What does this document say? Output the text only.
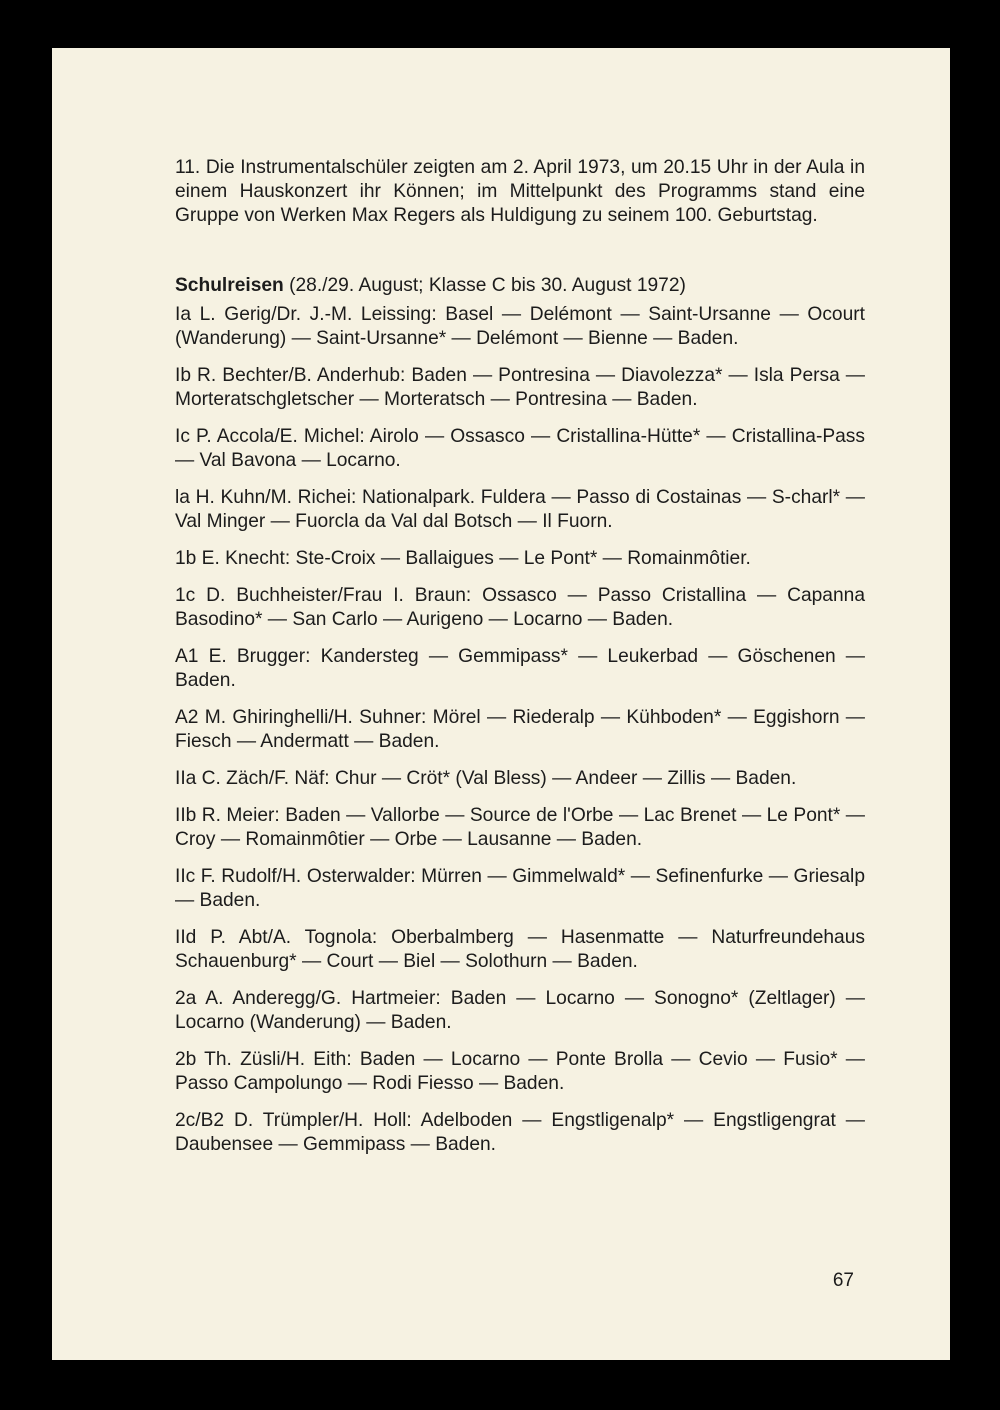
11. Die Instrumentalschüler zeigten am 2. April 1973, um 20.15 Uhr in der Aula in einem Hauskonzert ihr Können; im Mittelpunkt des Programms stand eine Gruppe von Werken Max Regers als Huldigung zu seinem 100. Geburtstag.

Schulreisen (28./29. August; Klasse C bis 30. August 1972)

Ia L. Gerig/Dr. J.-M. Leissing: Basel — Delémont — Saint-Ursanne — Ocourt (Wanderung) — Saint-Ursanne* — Delémont — Bienne — Baden.

Ib R. Bechter/B. Anderhub: Baden — Pontresina — Diavolezza* — Isla Persa — Morteratschgletscher — Morteratsch — Pontresina — Baden.

Ic P. Accola/E. Michel: Airolo — Ossasco — Cristallina-Hütte* — Cristallina-Pass — Val Bavona — Locarno.

la H. Kuhn/M. Richei: Nationalpark. Fuldera — Passo di Costainas — S-charl* — Val Minger — Fuorcla da Val dal Botsch — Il Fuorn.

1b E. Knecht: Ste-Croix — Ballaigues — Le Pont* — Romainmôtier.

1c D. Buchheister/Frau I. Braun: Ossasco — Passo Cristallina — Capanna Basodino* — San Carlo — Aurigeno — Locarno — Baden.

A1 E. Brugger: Kandersteg — Gemmipass* — Leukerbad — Göschenen — Baden.

A2 M. Ghiringhelli/H. Suhner: Mörel — Riederalp — Kühboden* — Eggishorn — Fiesch — Andermatt — Baden.

IIa C. Zäch/F. Näf: Chur — Cröt* (Val Bless) — Andeer — Zillis — Baden.

IIb R. Meier: Baden — Vallorbe — Source de l'Orbe — Lac Brenet — Le Pont* — Croy — Romainmôtier — Orbe — Lausanne — Baden.

IIc F. Rudolf/H. Osterwalder: Mürren — Gimmelwald* — Sefinenfurke — Griesalp — Baden.

IId P. Abt/A. Tognola: Oberbalmberg — Hasenmatte — Naturfreundehaus Schauenburg* — Court — Biel — Solothurn — Baden.

2a A. Anderegg/G. Hartmeier: Baden — Locarno — Sonogno* (Zeltlager) — Locarno (Wanderung) — Baden.

2b Th. Züsli/H. Eith: Baden — Locarno — Ponte Brolla — Cevio — Fusio* — Passo Campolungo — Rodi Fiesso — Baden.

2c/B2 D. Trümpler/H. Holl: Adelboden — Engstligenalp* — Engstligengrat — Daubensee — Gemmipass — Baden.

67
